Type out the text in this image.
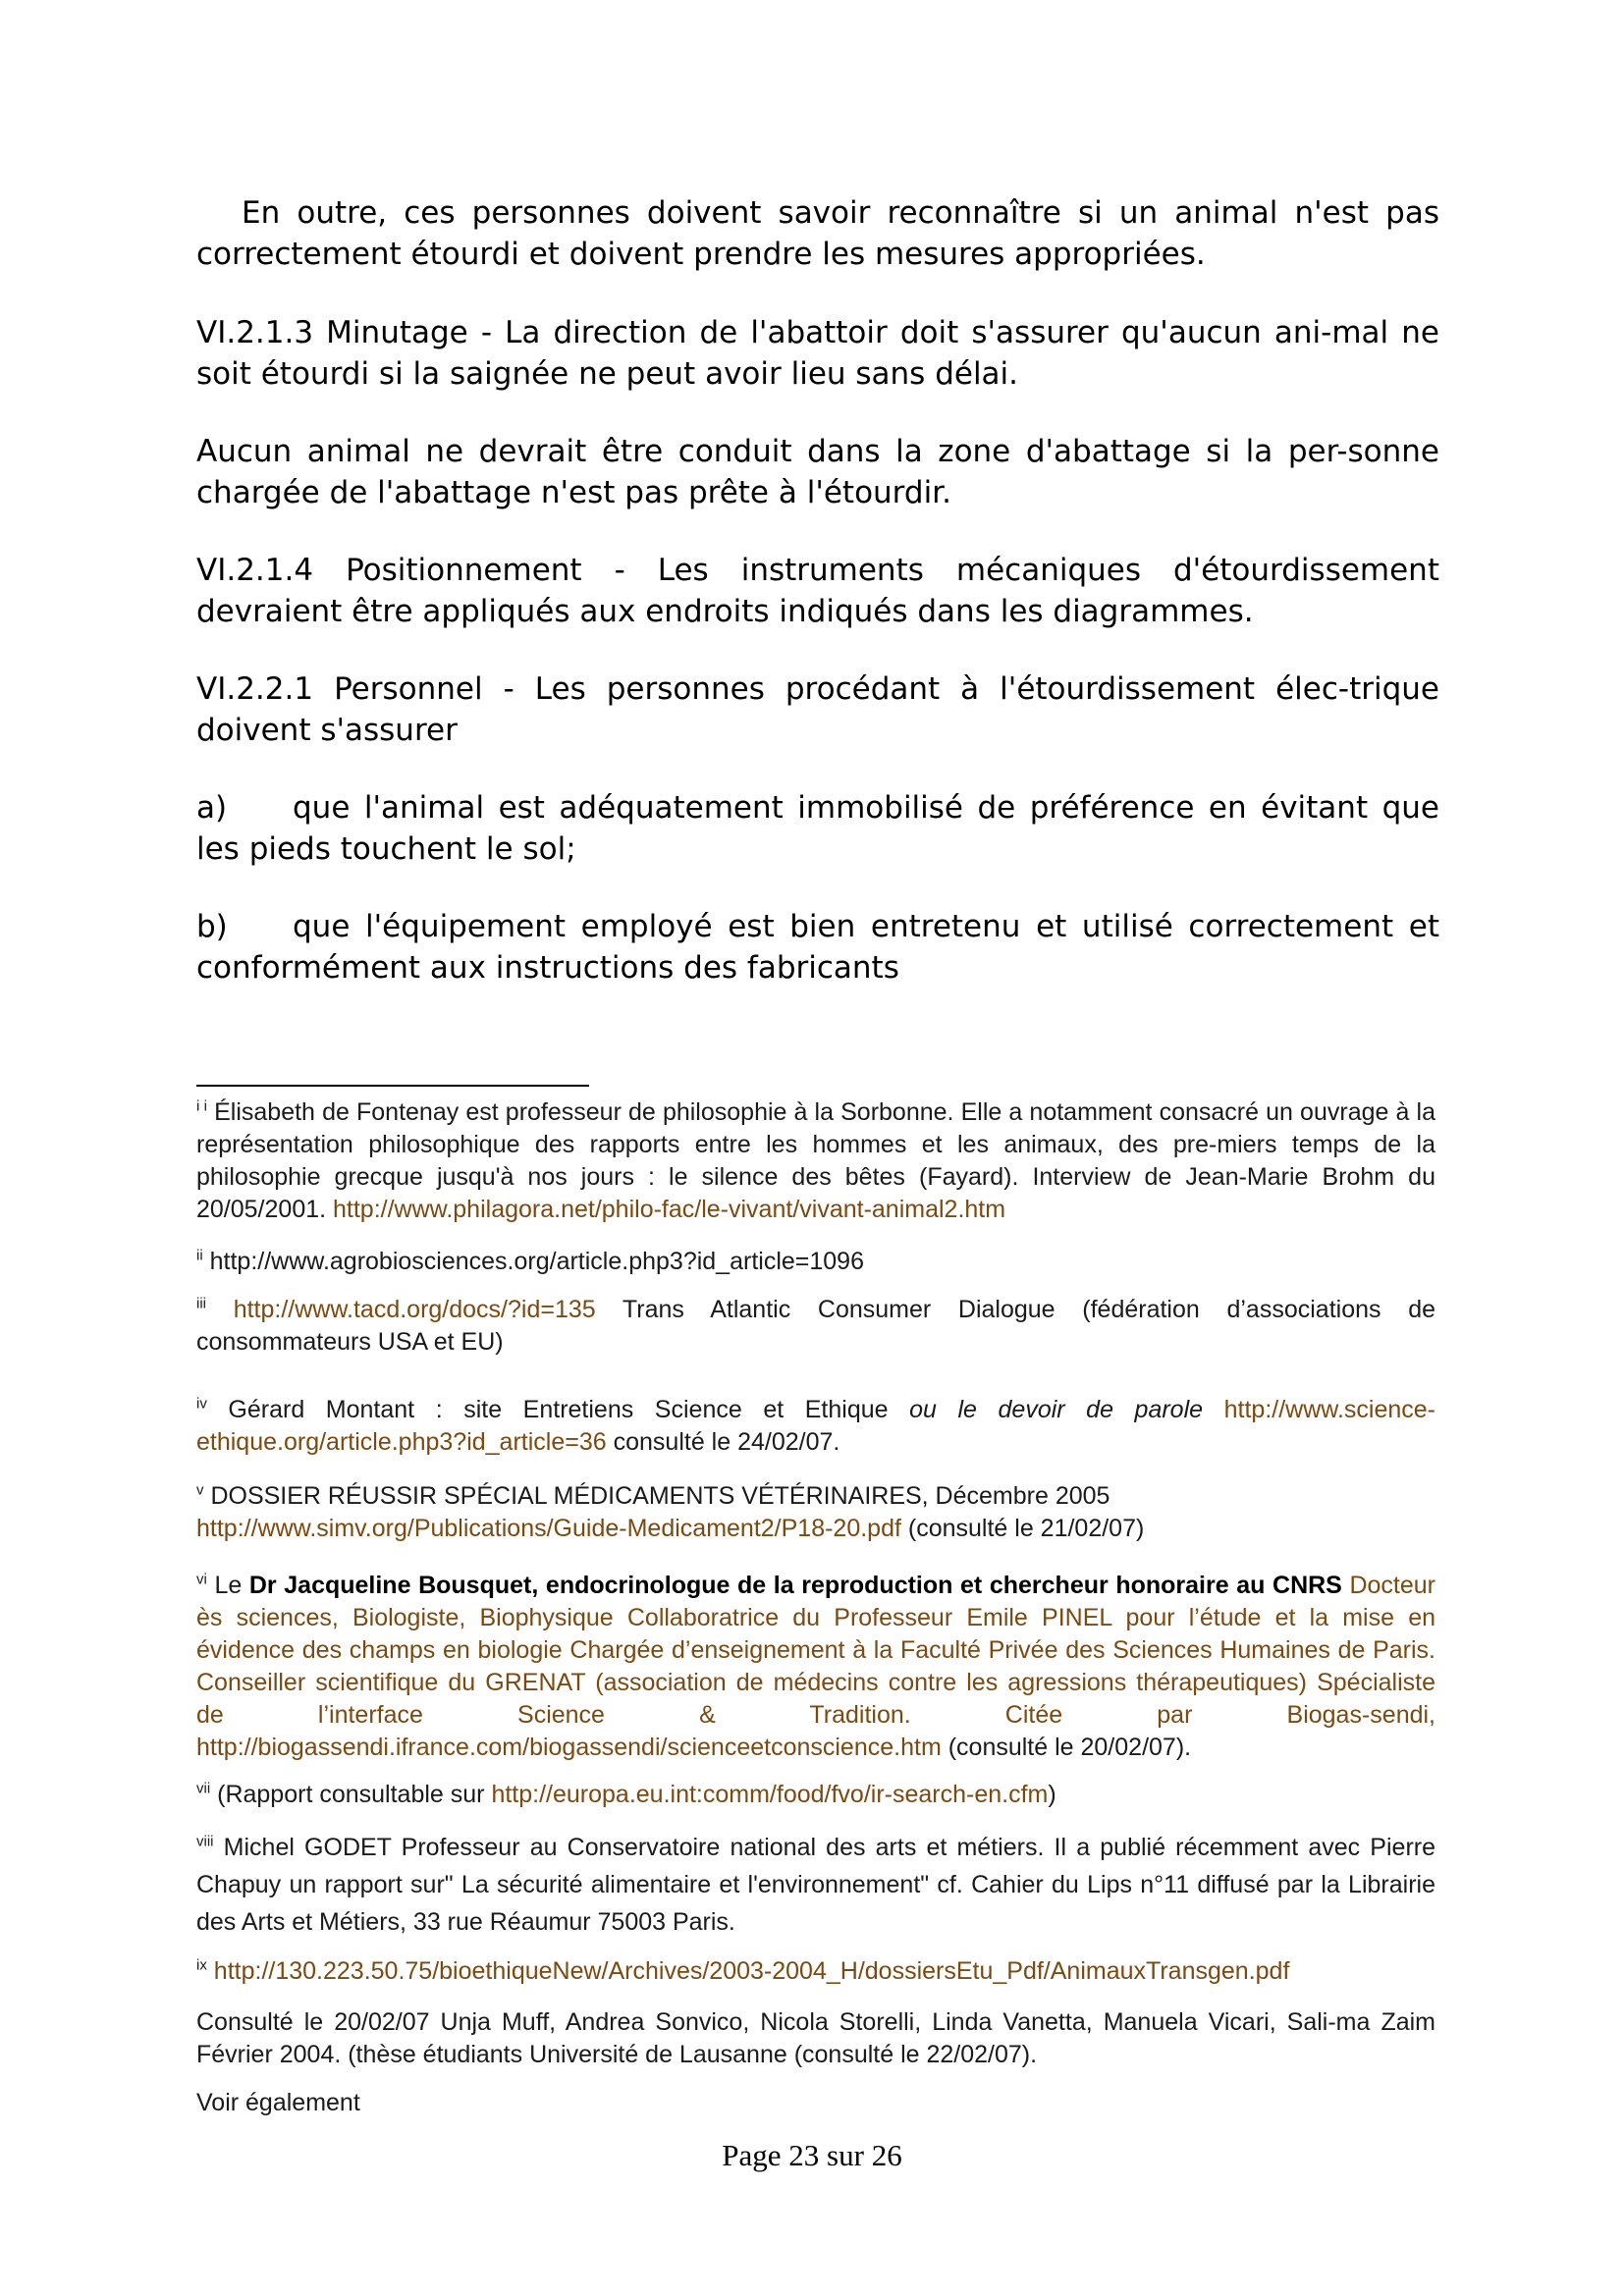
En outre, ces personnes doivent savoir reconnaître si un animal n'est pas correctement étourdi et doivent prendre les mesures appropriées.

VI.2.1.3 Minutage - La direction de l'abattoir doit s'assurer qu'aucun ani-mal ne soit étourdi si la saignée ne peut avoir lieu sans délai.

Aucun animal ne devrait être conduit dans la zone d'abattage si la per-sonne chargée de l'abattage n'est pas prête à l'étourdir.

VI.2.1.4 Positionnement - Les instruments mécaniques d'étourdissement devraient être appliqués aux endroits indiqués dans les diagrammes.

VI.2.2.1 Personnel - Les personnes procédant à l'étourdissement élec-trique doivent s'assurer

a) que l'animal est adéquatement immobilisé de préférence en évitant que les pieds touchent le sol;

b) que l'équipement employé est bien entretenu et utilisé correctement et conformément aux instructions des fabricants

$^{i i}$ Élisabeth de Fontenay est professeur de philosophie à la Sorbonne. Elle a notamment consacré un ouvrage à la représentation philosophique des rapports entre les hommes et les animaux, des pre-miers temps de la philosophie grecque jusqu'à nos jours : le silence des bêtes (Fayard). Interview de Jean-Marie Brohm du 20/05/2001. http://www.philagora.net/philo-fac/le-vivant/vivant-animal2.htm

$^{ii}$ http://www.agrobiosciences.org/article.php3?id_article=1096

$^{iii}$ http://www.tacd.org/docs/?id=135 Trans Atlantic Consumer Dialogue (fédération d’associations de consommateurs USA et EU)

$^{iv}$ Gérard Montant : site Entretiens Science et Ethique ou le devoir de parole http://www.science-ethique.org/article.php3?id_article=36 consulté le 24/02/07.

$^v$ DOSSIER RÉUSSIR SPÉCIAL MÉDICAMENTS VÉTÉRINAIRES, Décembre 2005
http://www.simv.org/Publications/Guide-Medicament2/P18-20.pdf (consulté le 21/02/07)

$^{vi}$ Le Dr Jacqueline Bousquet, endocrinologue de la reproduction et chercheur honoraire au CNRS Docteur ès sciences, Biologiste, Biophysique Collaboratrice du Professeur Emile PINEL pour l’étude et la mise en évidence des champs en biologie Chargée d’enseignement à la Faculté Privée des Sciences Humaines de Paris. Conseiller scientifique du GRENAT (association de médecins contre les agressions thérapeutiques) Spécialiste de l’interface Science & Tradition. Citée par Biogas-sendi, http://biogassendi.ifrance.com/biogassendi/scienceetconscience.htm (consulté le 20/02/07).

$^{vii}$ (Rapport consultable sur http://europa.eu.int:comm/food/fvo/ir-search-en.cfm)

$^{viii}$ Michel GODET Professeur au Conservatoire national des arts et métiers. Il a publié récemment avec Pierre Chapuy un rapport sur" La sécurité alimentaire et l'environnement" cf. Cahier du Lips n°11 diffusé par la Librairie des Arts et Métiers, 33 rue Réaumur 75003 Paris.

$^{ix}$ http://130.223.50.75/bioethiqueNew/Archives/2003-2004_H/dossiersEtu_Pdf/AnimauxTransgen.pdf

Consulté le 20/02/07 Unja Muff, Andrea Sonvico, Nicola Storelli, Linda Vanetta, Manuela Vicari, Sali-ma Zaim Février 2004. (thèse étudiants Université de Lausanne (consulté le 22/02/07).

Voir également

Page 23 sur 26
